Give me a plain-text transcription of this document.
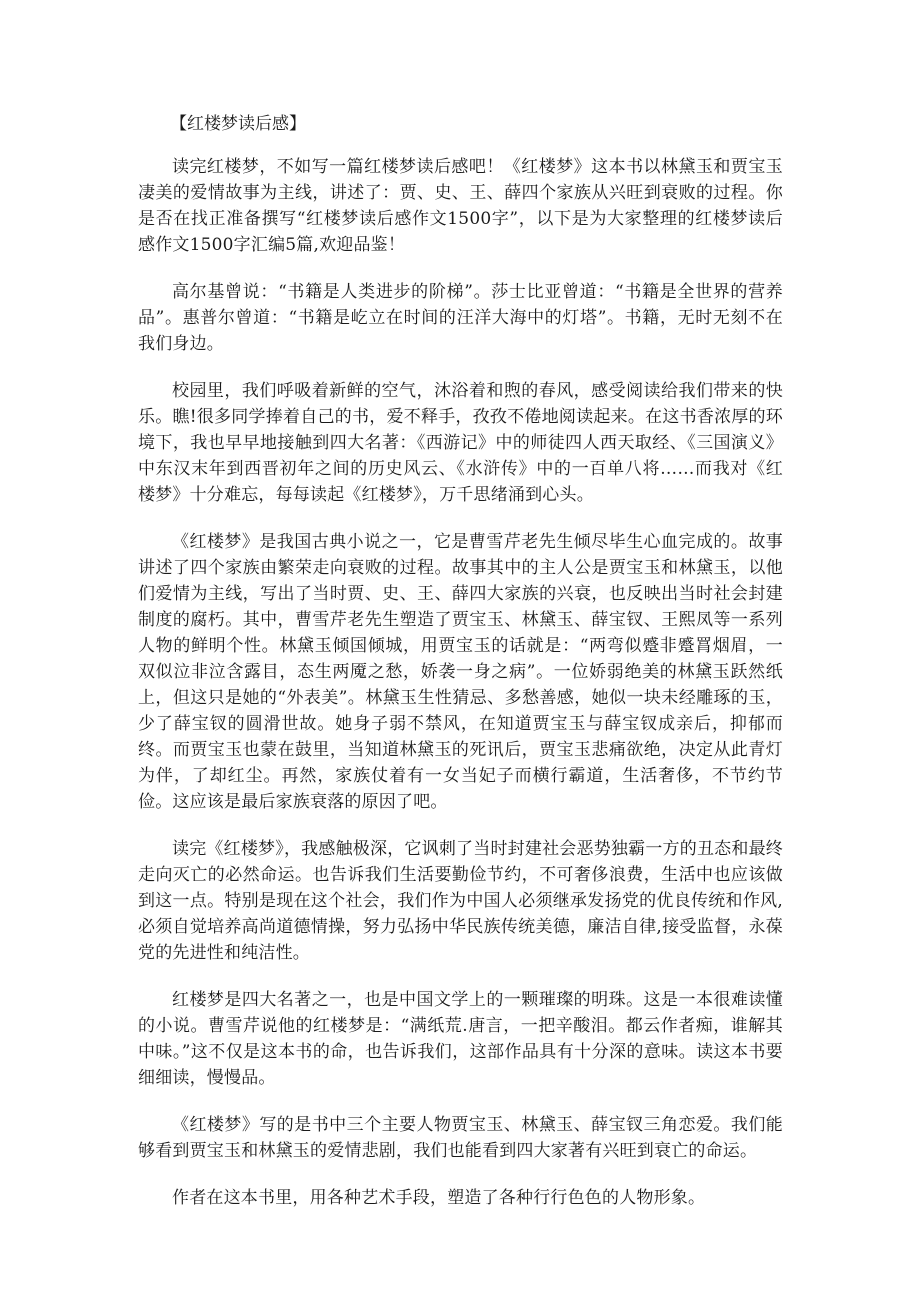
【红楼梦读后感】

读完红楼梦，不如写一篇红楼梦读后感吧！《红楼梦》这本书以林黛玉和贾宝玉凄美的爱情故事为主线，讲述了：贾、史、王、薛四个家族从兴旺到衰败的过程。你是否在找正准备撰写“红楼梦读后感作文1500字”，以下是为大家整理的红楼梦读后感作文1500字汇编5篇,欢迎品鉴！

高尔基曾说：“书籍是人类进步的阶梯”。莎士比亚曾道：“书籍是全世界的营养品”。惠普尔曾道：“书籍是屹立在时间的汪洋大海中的灯塔”。书籍，无时无刻不在我们身边。

校园里，我们呼吸着新鲜的空气，沐浴着和煦的春风，感受阅读给我们带来的快乐。瞧!很多同学捧着自己的书，爱不释手，孜孜不倦地阅读起来。在这书香浓厚的环境下，我也早早地接触到四大名著：《西游记》中的师徒四人西天取经、《三国演义》中东汉末年到西晋初年之间的历史风云、《水浒传》中的一百单八将……而我对《红楼梦》十分难忘，每每读起《红楼梦》，万千思绪涌到心头。

《红楼梦》是我国古典小说之一，它是曹雪芹老先生倾尽毕生心血完成的。故事讲述了四个家族由繁荣走向衰败的过程。故事其中的主人公是贾宝玉和林黛玉，以他们爱情为主线，写出了当时贾、史、王、薛四大家族的兴衰，也反映出当时社会封建制度的腐朽。其中，曹雪芹老先生塑造了贾宝玉、林黛玉、薛宝钗、王熙凤等一系列人物的鲜明个性。林黛玉倾国倾城，用贾宝玉的话就是：“两弯似蹙非蹙罥烟眉，一双似泣非泣含露目，态生两魇之愁，娇袭一身之病”。一位娇弱绝美的林黛玉跃然纸上，但这只是她的“外表美”。林黛玉生性猜忌、多愁善感，她似一块未经雕琢的玉，少了薛宝钗的圆滑世故。她身子弱不禁风，在知道贾宝玉与薛宝钗成亲后，抑郁而终。而贾宝玉也蒙在鼓里，当知道林黛玉的死讯后，贾宝玉悲痛欲绝，决定从此青灯为伴，了却红尘。再然，家族仗着有一女当妃子而横行霸道，生活奢侈，不节约节俭。这应该是最后家族衰落的原因了吧。

读完《红楼梦》，我感触极深，它讽刺了当时封建社会恶势独霸一方的丑态和最终走向灭亡的必然命运。也告诉我们生活要勤俭节约，不可奢侈浪费，生活中也应该做到这一点。特别是现在这个社会，我们作为中国人必须继承发扬党的优良传统和作风,必须自觉培养高尚道德情操，努力弘扬中华民族传统美德，廉洁自律,接受监督，永葆党的先进性和纯洁性。

红楼梦是四大名著之一，也是中国文学上的一颗璀璨的明珠。这是一本很难读懂的小说。曹雪芹说他的红楼梦是：“满纸荒.唐言，一把辛酸泪。都云作者痴，谁解其中味。”这不仅是这本书的命，也告诉我们，这部作品具有十分深的意味。读这本书要细细读，慢慢品。

《红楼梦》写的是书中三个主要人物贾宝玉、林黛玉、薛宝钗三角恋爱。我们能够看到贾宝玉和林黛玉的爱情悲剧，我们也能看到四大家著有兴旺到衰亡的命运。

作者在这本书里，用各种艺术手段，塑造了各种行行色色的人物形象。
